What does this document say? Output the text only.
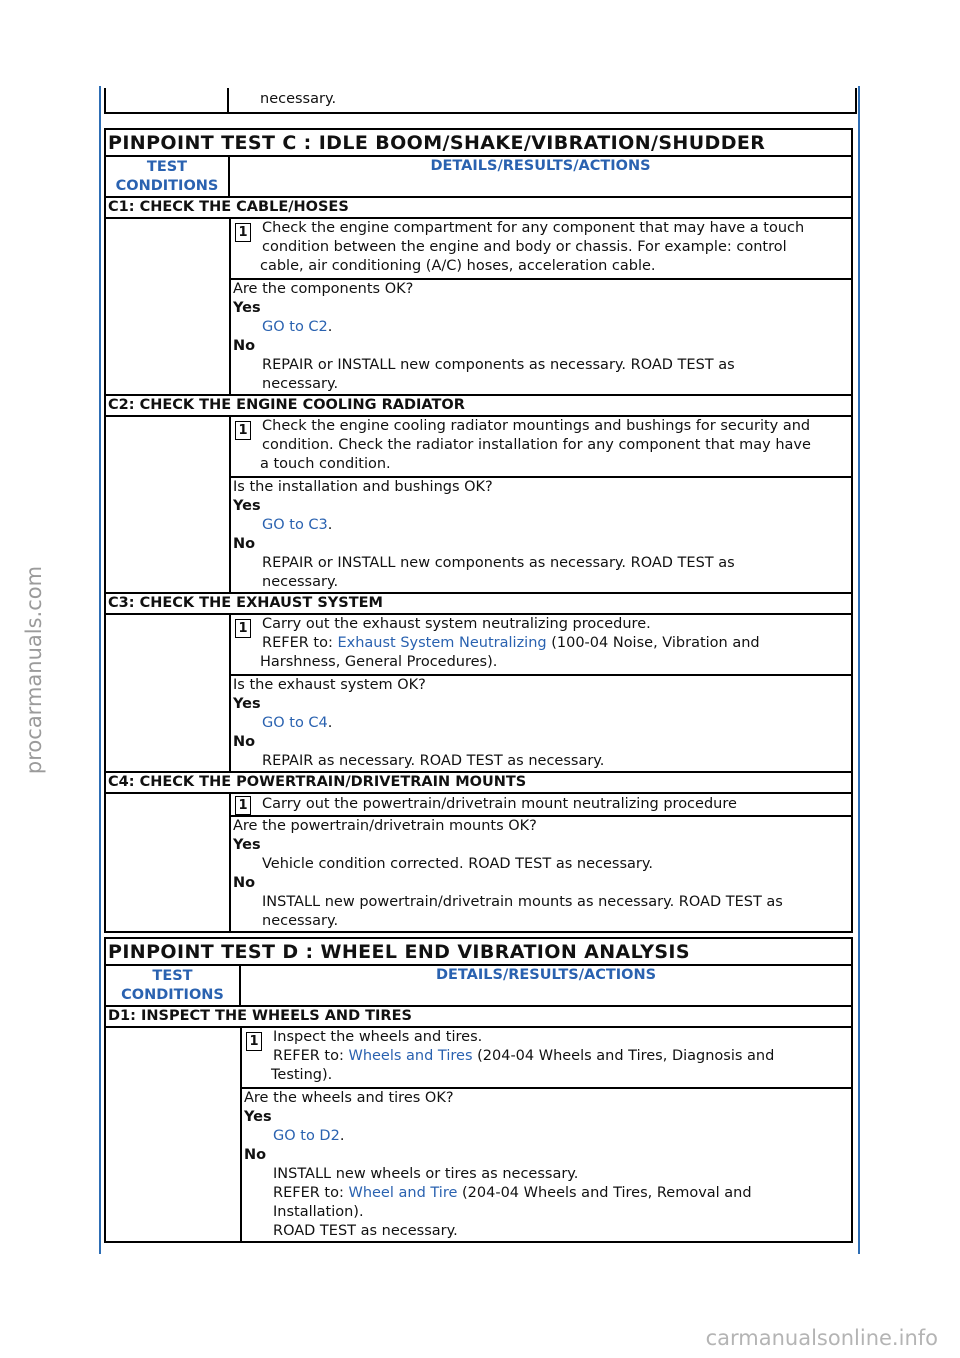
procarmanuals.com
carmanualsonline.info
necessary.
PINPOINT TEST C : IDLE BOOM/SHAKE/VIBRATION/SHUDDER
TEST
CONDITIONS
DETAILS/RESULTS/ACTIONS
C1: CHECK THE CABLE/HOSES
1 Check the engine compartment for any component that may have a touch
condition between the engine and body or chassis. For example: control
cable, air conditioning (A/C) hoses, acceleration cable.
Are the components OK?
Yes
GO to C2.
No
REPAIR or INSTALL new components as necessary. ROAD TEST as
necessary.
C2: CHECK THE ENGINE COOLING RADIATOR
1 Check the engine cooling radiator mountings and bushings for security and
condition. Check the radiator installation for any component that may have
a touch condition.
Is the installation and bushings OK?
Yes
GO to C3.
No
REPAIR or INSTALL new components as necessary. ROAD TEST as
necessary.
C3: CHECK THE EXHAUST SYSTEM
1 Carry out the exhaust system neutralizing procedure.
REFER to: Exhaust System Neutralizing (100-04 Noise, Vibration and
Harshness, General Procedures).
Is the exhaust system OK?
Yes
GO to C4.
No
REPAIR as necessary. ROAD TEST as necessary.
C4: CHECK THE POWERTRAIN/DRIVETRAIN MOUNTS
1 Carry out the powertrain/drivetrain mount neutralizing procedure
Are the powertrain/drivetrain mounts OK?
Yes
Vehicle condition corrected. ROAD TEST as necessary.
No
INSTALL new powertrain/drivetrain mounts as necessary. ROAD TEST as
necessary.
PINPOINT TEST D : WHEEL END VIBRATION ANALYSIS
TEST
CONDITIONS
DETAILS/RESULTS/ACTIONS
D1: INSPECT THE WHEELS AND TIRES
1 Inspect the wheels and tires.
REFER to: Wheels and Tires (204-04 Wheels and Tires, Diagnosis and
Testing).
Are the wheels and tires OK?
Yes
GO to D2.
No
INSTALL new wheels or tires as necessary.
REFER to: Wheel and Tire (204-04 Wheels and Tires, Removal and
Installation).
ROAD TEST as necessary.
